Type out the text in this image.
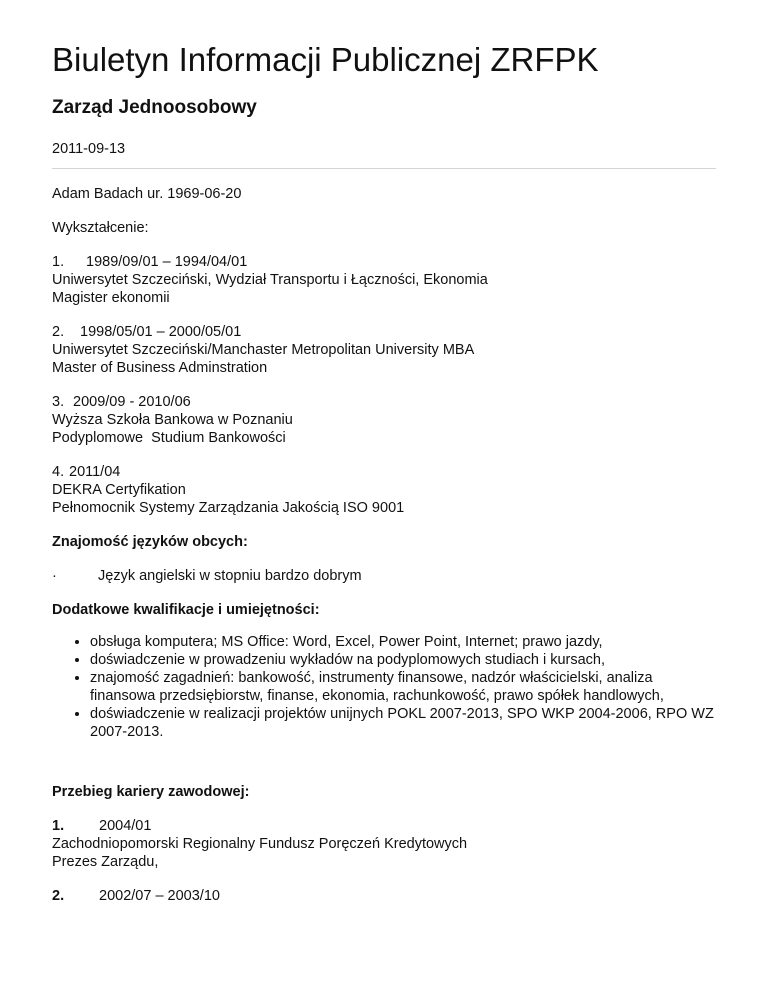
Biuletyn Informacji Publicznej ZRFPK
Zarząd Jednoosobowy
2011-09-13

Adam Badach ur. 1969-06-20

Wykształcenie:

1. 1989/09/01 – 1994/04/01

Uniwersytet Szczeciński, Wydział Transportu i Łączności, Ekonomia

Magister ekonomii

2. 1998/05/01 – 2000/05/01

Uniwersytet Szczeciński/Manchaster Metropolitan University MBA

Master of Business Adminstration

3. 2009/09 - 2010/06

Wyższa Szkoła Bankowa w Poznaniu

Podyplomowe  Studium Bankowości

4. 2011/04

DEKRA Certyfikation

Pełnomocnik Systemy Zarządzania Jakością ISO 9001

Znajomość języków obcych:
·	Język angielski w stopniu bardzo dobrym
Dodatkowe kwalifikacje i umiejętności:
• obsługa komputera; MS Office: Word, Excel, Power Point, Internet; prawo jazdy,
• doświadczenie w prowadzeniu wykładów na podyplomowych studiach i kursach,
• znajomość zagadnień: bankowość, instrumenty finansowe, nadzór właścicielski, analiza finansowa przedsiębiorstw, finanse, ekonomia, rachunkowość, prawo spółek handlowych,
• doświadczenie w realizacji projektów unijnych POKL 2007-2013, SPO WKP 2004-2006, RPO WZ 2007-2013.
Przebieg kariery zawodowej:

1. 2004/01

Zachodniopomorski Regionalny Fundusz Poręczeń Kredytowych

Prezes Zarządu,

2. 2002/07 – 2003/10
